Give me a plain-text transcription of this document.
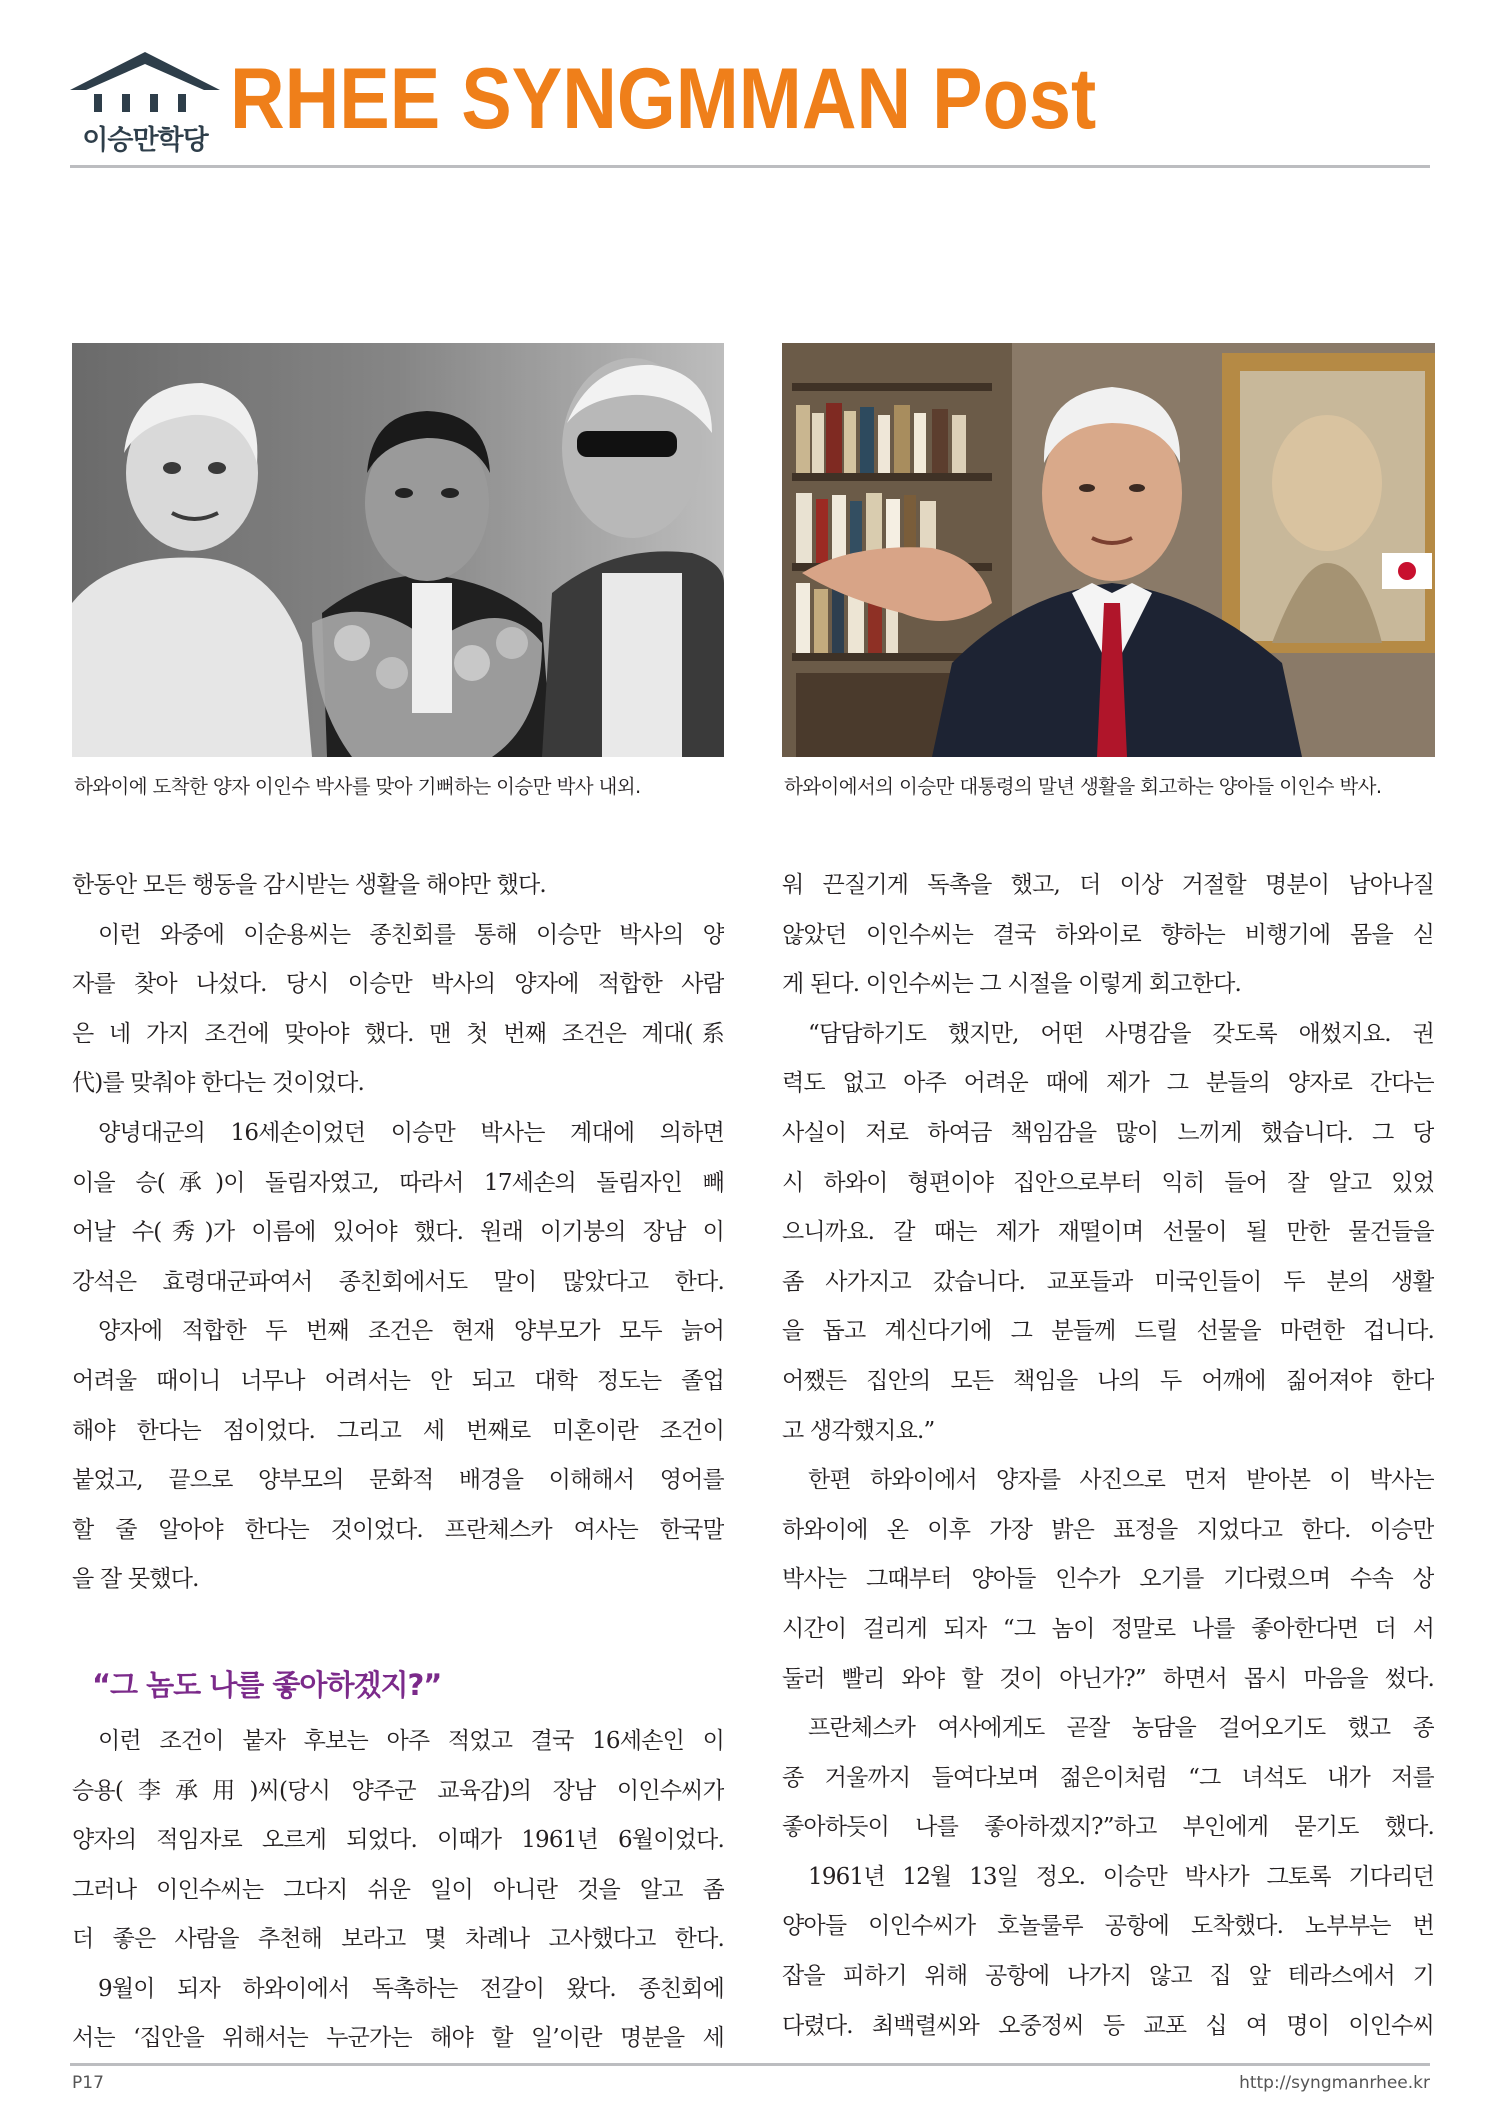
이승만학당 RHEE SYNGMMAN Post
하와이에 도착한 양자 이인수 박사를 맞아 기뻐하는 이승만 박사 내외.	하와이에서의 이승만 대통령의 말년 생활을 회고하는 양아들 이인수 박사.
한동안 모든 행동을 감시받는 생활을 해야만 했다.
이런 와중에 이순용씨는 종친회를 통해 이승만 박사의 양
자를 찾아 나섰다. 당시 이승만 박사의 양자에 적합한 사람
은 네 가지 조건에 맞아야 했다. 맨 첫 번째 조건은 계대(系
代)를 맞춰야 한다는 것이었다.
양녕대군의 16세손이었던 이승만 박사는 계대에 의하면
이을 승(承)이 돌림자였고, 따라서 17세손의 돌림자인 빼
어날 수(秀)가 이름에 있어야 했다. 원래 이기붕의 장남 이
강석은 효령대군파여서 종친회에서도 말이 많았다고 한다.
양자에 적합한 두 번째 조건은 현재 양부모가 모두 늙어
어려울 때이니 너무나 어려서는 안 되고 대학 정도는 졸업
해야 한다는 점이었다. 그리고 세 번째로 미혼이란 조건이
붙었고, 끝으로 양부모의 문화적 배경을 이해해서 영어를
할 줄 알아야 한다는 것이었다. 프란체스카 여사는 한국말
을 잘 못했다.
“그 놈도 나를 좋아하겠지?”
이런 조건이 붙자 후보는 아주 적었고 결국 16세손인 이
승용(李承用)씨(당시 양주군 교육감)의 장남 이인수씨가
양자의 적임자로 오르게 되었다. 이때가 1961년 6월이었다.
그러나 이인수씨는 그다지 쉬운 일이 아니란 것을 알고 좀
더 좋은 사람을 추천해 보라고 몇 차례나 고사했다고 한다.
9월이 되자 하와이에서 독촉하는 전갈이 왔다. 종친회에
서는 ‘집안을 위해서는 누군가는 해야 할 일’이란 명분을 세
워 끈질기게 독촉을 했고, 더 이상 거절할 명분이 남아나질
않았던 이인수씨는 결국 하와이로 향하는 비행기에 몸을 싣
게 된다. 이인수씨는 그 시절을 이렇게 회고한다.
“담담하기도 했지만, 어떤 사명감을 갖도록 애썼지요. 권
력도 없고 아주 어려운 때에 제가 그 분들의 양자로 간다는
사실이 저로 하여금 책임감을 많이 느끼게 했습니다. 그 당
시 하와이 형편이야 집안으로부터 익히 들어 잘 알고 있었
으니까요. 갈 때는 제가 재떨이며 선물이 될 만한 물건들을
좀 사가지고 갔습니다. 교포들과 미국인들이 두 분의 생활
을 돕고 계신다기에 그 분들께 드릴 선물을 마련한 겁니다.
어쨌든 집안의 모든 책임을 나의 두 어깨에 짊어져야 한다
고 생각했지요.”
한편 하와이에서 양자를 사진으로 먼저 받아본 이 박사는
하와이에 온 이후 가장 밝은 표정을 지었다고 한다. 이승만
박사는 그때부터 양아들 인수가 오기를 기다렸으며 수속 상
시간이 걸리게 되자 “그 놈이 정말로 나를 좋아한다면 더 서
둘러 빨리 와야 할 것이 아닌가?” 하면서 몹시 마음을 썼다.
프란체스카 여사에게도 곧잘 농담을 걸어오기도 했고 종
종 거울까지 들여다보며 젊은이처럼 “그 녀석도 내가 저를
좋아하듯이 나를 좋아하겠지?”하고 부인에게 묻기도 했다.
1961년 12월 13일 정오. 이승만 박사가 그토록 기다리던
양아들 이인수씨가 호놀룰루 공항에 도착했다. 노부부는 번
잡을 피하기 위해 공항에 나가지 않고 집 앞 테라스에서 기
다렸다. 최백렬씨와 오중정씨 등 교포 십 여 명이 이인수씨
P17	http://syngmanrhee.kr
